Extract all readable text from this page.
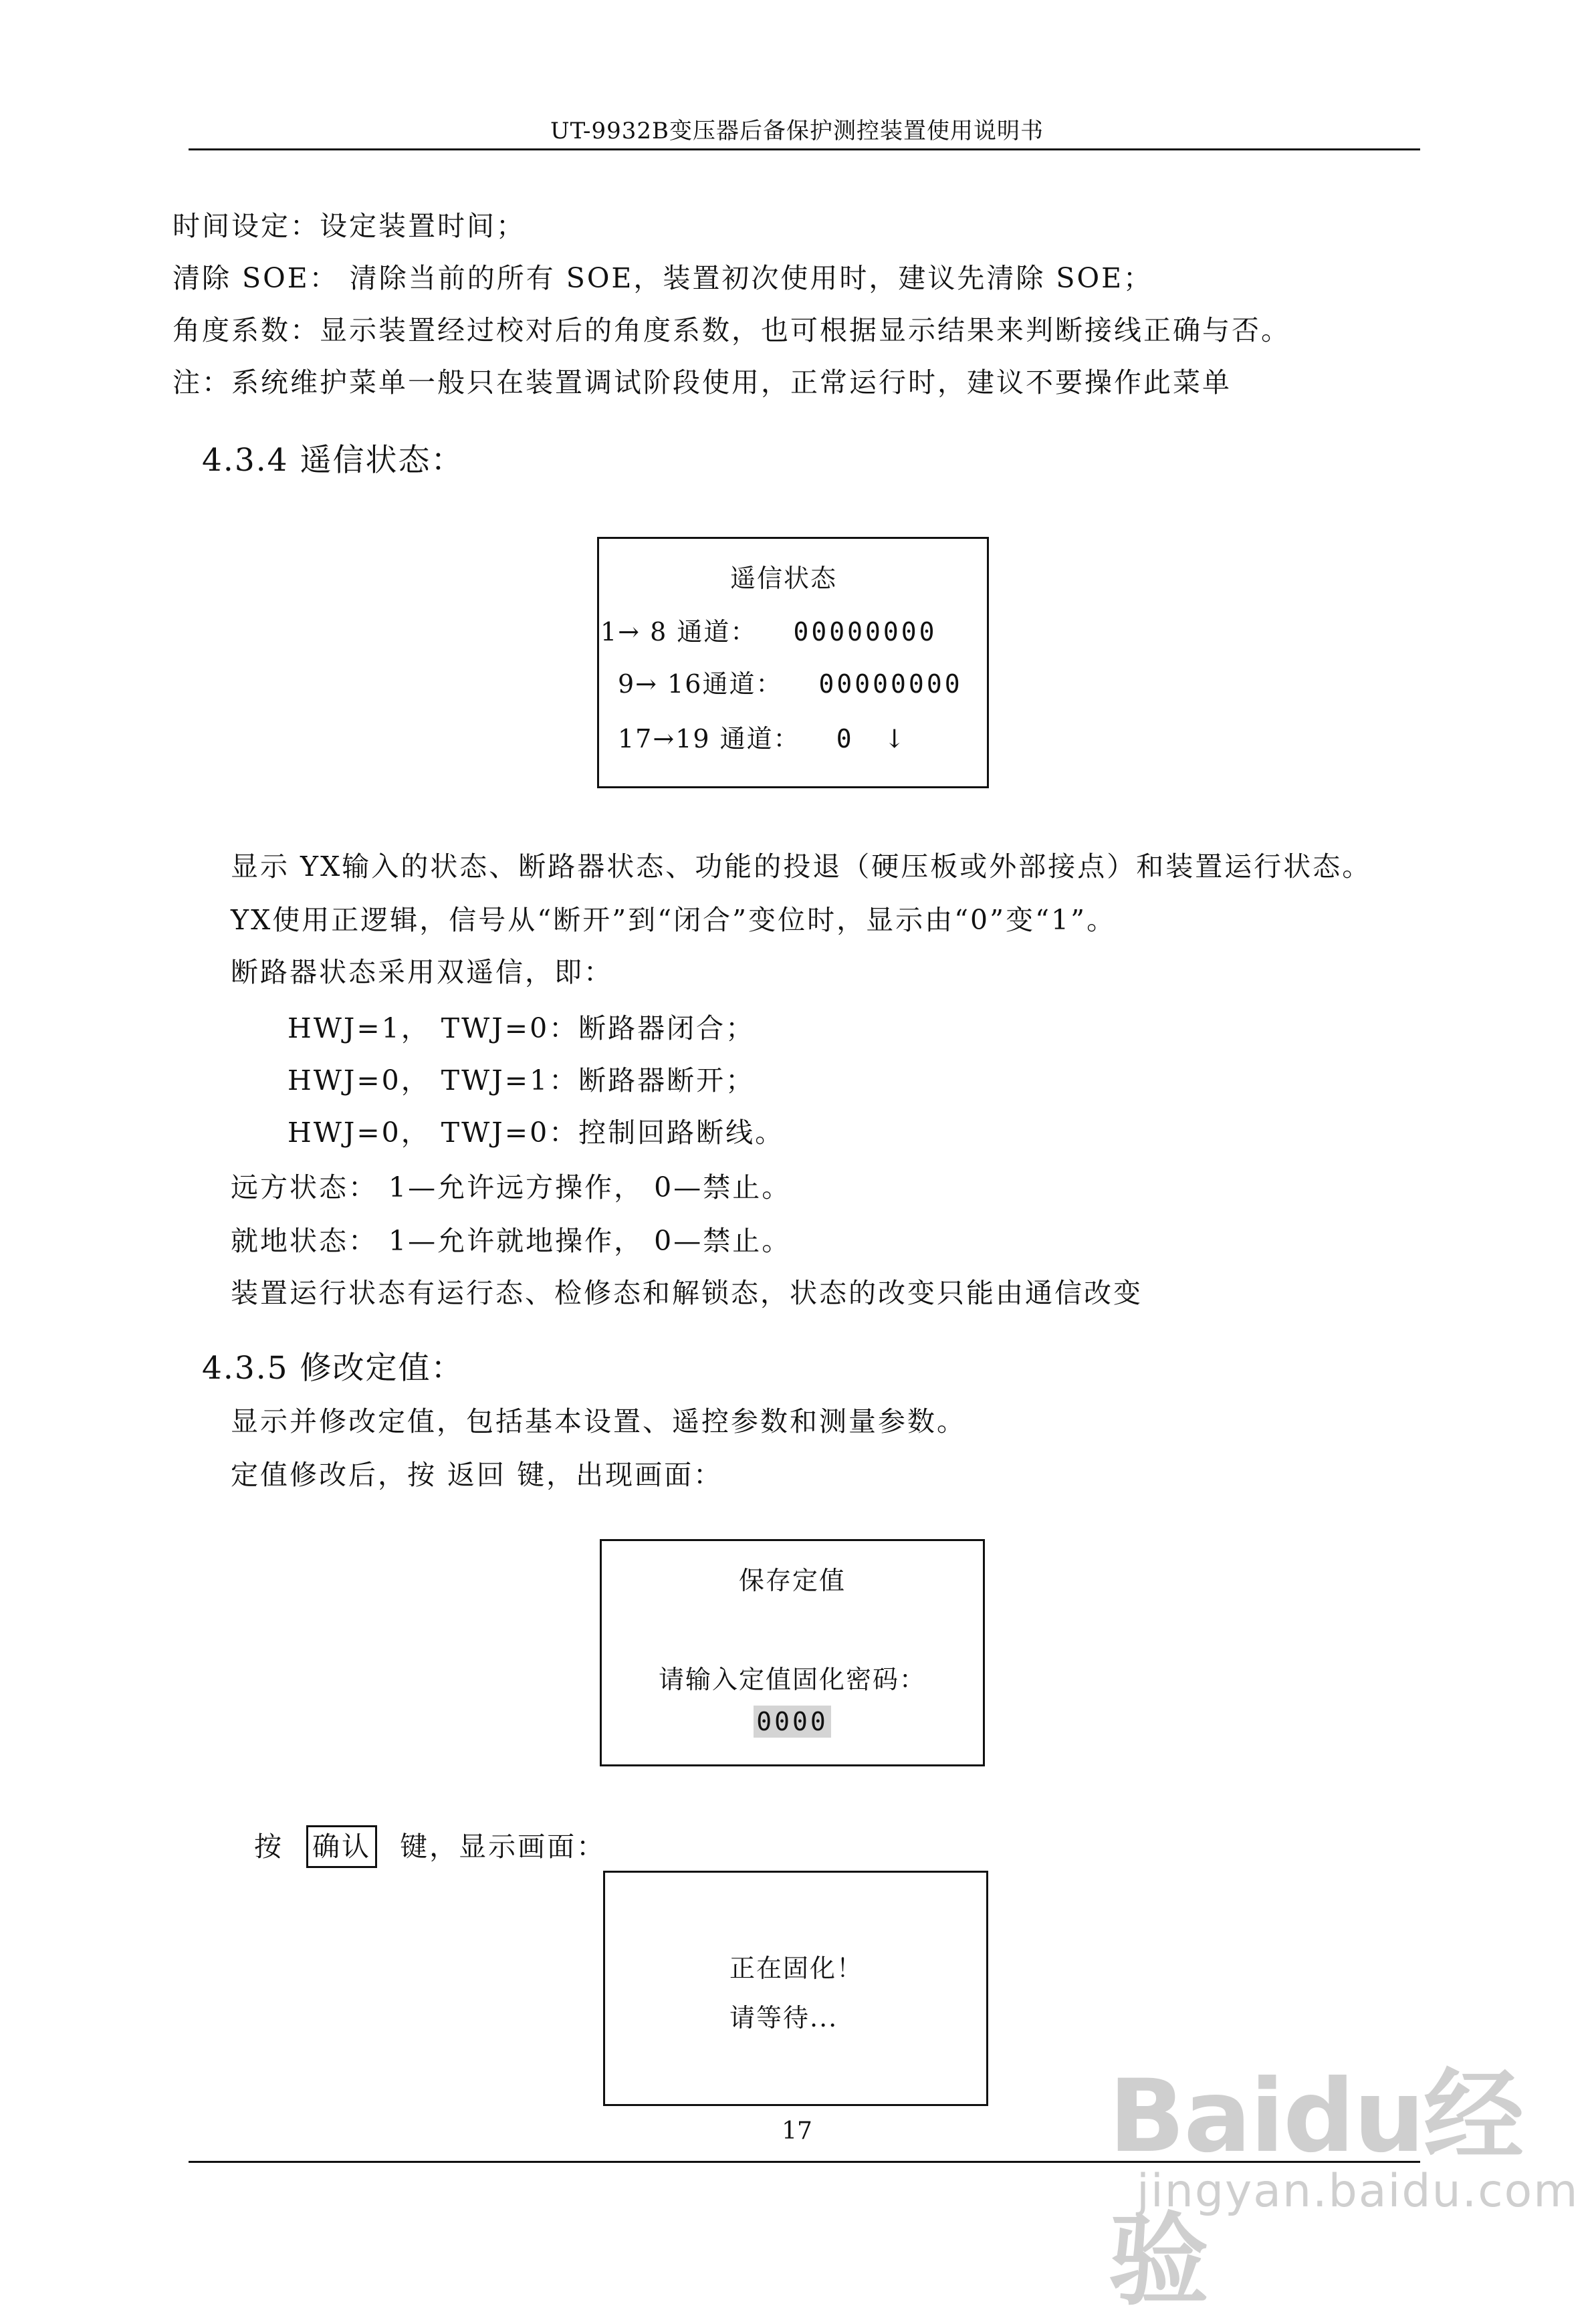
UT-9932B变压器后备保护测控装置使用说明书
时间设定：设定装置时间；
清除 SOE： 清除当前的所有 SOE，装置初次使用时，建议先清除 SOE；
角度系数：显示装置经过校对后的角度系数，也可根据显示结果来判断接线正确与否。
注：系统维护菜单一般只在装置调试阶段使用，正常运行时，建议不要操作此菜单
4.3.4 遥信状态：
遥信状态
1→ 8 通道： 00000000
9→ 16通道： 00000000
17→19 通道： 0 ↓
显示 YX输入的状态、断路器状态、功能的投退（硬压板或外部接点）和装置运行状态。
YX使用正逻辑，信号从“断开”到“闭合”变位时，显示由“0”变“1”。
断路器状态采用双遥信，即：
HWJ=1， TWJ=0：断路器闭合；
HWJ=0， TWJ=1：断路器断开；
HWJ=0， TWJ=0：控制回路断线。
远方状态： 1—允许远方操作， 0—禁止。
就地状态： 1—允许就地操作， 0—禁止。
装置运行状态有运行态、检修态和解锁态，状态的改变只能由通信改变
4.3.5 修改定值：
显示并修改定值，包括基本设置、遥控参数和测量参数。
定值修改后，按 返回 键，出现画面：
保存定值
请输入定值固化密码：
0000
按 确认 键，显示画面：
正在固化！
请等待...
17	Baidu经验
jingyan.baidu.com
